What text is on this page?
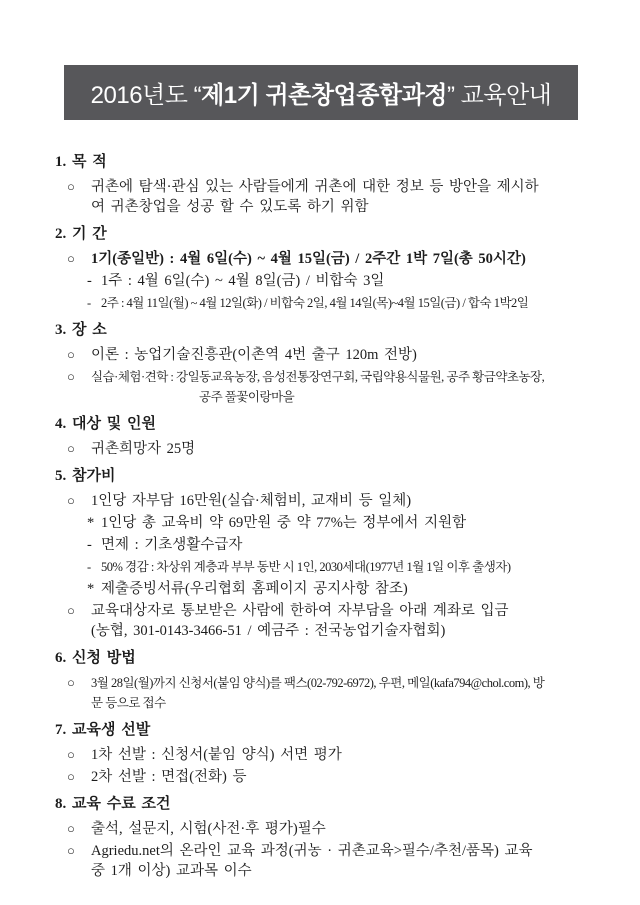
2016년도 “ 제1기 귀촌창업종합과정 ” 교육안내
1. 목 적
○	귀촌에 탐색·관심 있는 사람들에게 귀촌에 대한 정보 등 방안을 제시하
여 귀촌창업을 성공 할 수 있도록 하기 위함
2. 기 간
○	1기(종일반) : 4월 6일(수) ~ 4월 15일(금) / 2주간 1박 7일(총 50시간)
- 1주 : 4월 6일(수) ~ 4월 8일(금) / 비합숙 3일
- 2주 : 4월 11일(월) ~ 4월 12일(화) / 비합숙 2일, 4월 14일(목)~4월 15일(금) / 합숙 1박2일
3. 장 소
○	이론 : 농업기술진흥관(이촌역 4번 출구 120m 전방)
○	실습·체험·견학 : 강일동교육농장, 음성전통장연구회, 국립약용식물원, 공주 황금약초농장,
공주 풀꽃이랑마을
4. 대상 및 인원
○	귀촌희망자 25명
5. 참가비
○	1인당 자부담 16만원(실습·체험비, 교재비 등 일체)
* 1인당 총 교육비 약 69만원 중 약 77%는 정부에서 지원함
- 면제 : 기초생활수급자
- 50% 경감 : 차상위 계층과 부부 동반 시 1인, 2030세대(1977년 1월 1일 이후 출생자)
* 제출증빙서류(우리협회 홈페이지 공지사항 참조)
○	교육대상자로 통보받은 사람에 한하여 자부담을 아래 계좌로 입금
(농협, 301-0143-3466-51 / 예금주 : 전국농업기술자협회)
6. 신청 방법
○	3월 28일(월)까지 신청서(붙임 양식)를 팩스(02-792-6972), 우편, 메일(kafa794@chol.com), 방
문 등으로 접수
7. 교육생 선발
○	1차 선발 : 신청서(붙임 양식) 서면 평가
○	2차 선발 : 면접(전화) 등
8. 교육 수료 조건
○	출석, 설문지, 시험(사전·후 평가)필수
○	Agriedu.net의 온라인 교육 과정(귀농 · 귀촌교육>필수/추천/품목) 교육
중 1개 이상) 교과목 이수
